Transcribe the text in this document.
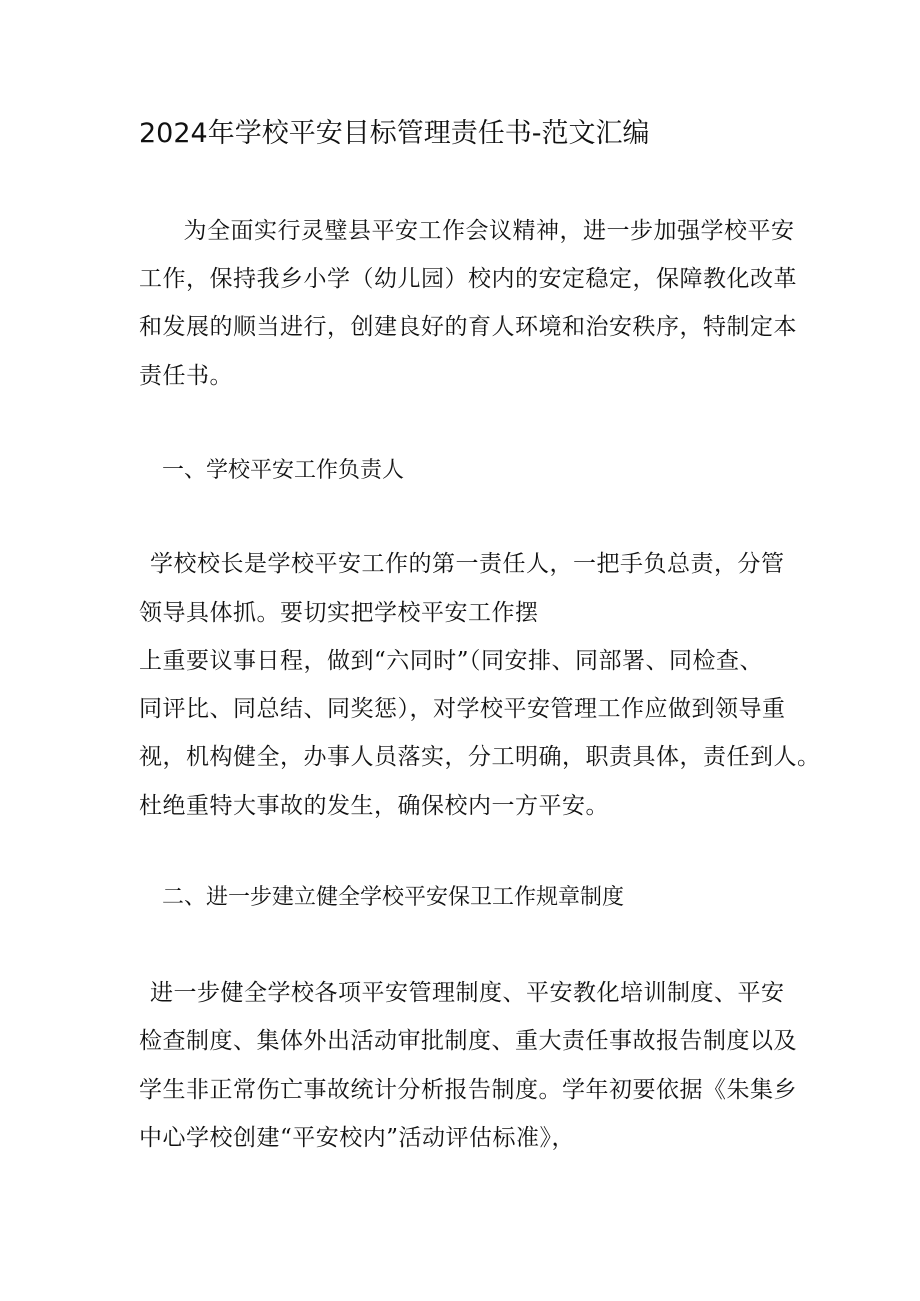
2024年学校平安目标管理责任书-范文汇编
　为全面实行灵璧县平安工作会议精神，进一步加强学校平安
工作，保持我乡小学（幼儿园）校内的安定稳定，保障教化改革
和发展的顺当进行，创建良好的育人环境和治安秩序，特制定本
责任书。
一、学校平安工作负责人
学校校长是学校平安工作的第一责任人，一把手负总责，分管
领导具体抓。要切实把学校平安工作摆
上重要议事日程，做到“六同时”（同安排、同部署、同检查、
同评比、同总结、同奖惩），对学校平安管理工作应做到领导重
视，机构健全，办事人员落实，分工明确，职责具体，责任到人。
杜绝重特大事故的发生，确保校内一方平安。
二、进一步建立健全学校平安保卫工作规章制度
进一步健全学校各项平安管理制度、平安教化培训制度、平安
检查制度、集体外出活动审批制度、重大责任事故报告制度以及
学生非正常伤亡事故统计分析报告制度。学年初要依据《朱集乡
中心学校创建“平安校内”活动评估标准》，
